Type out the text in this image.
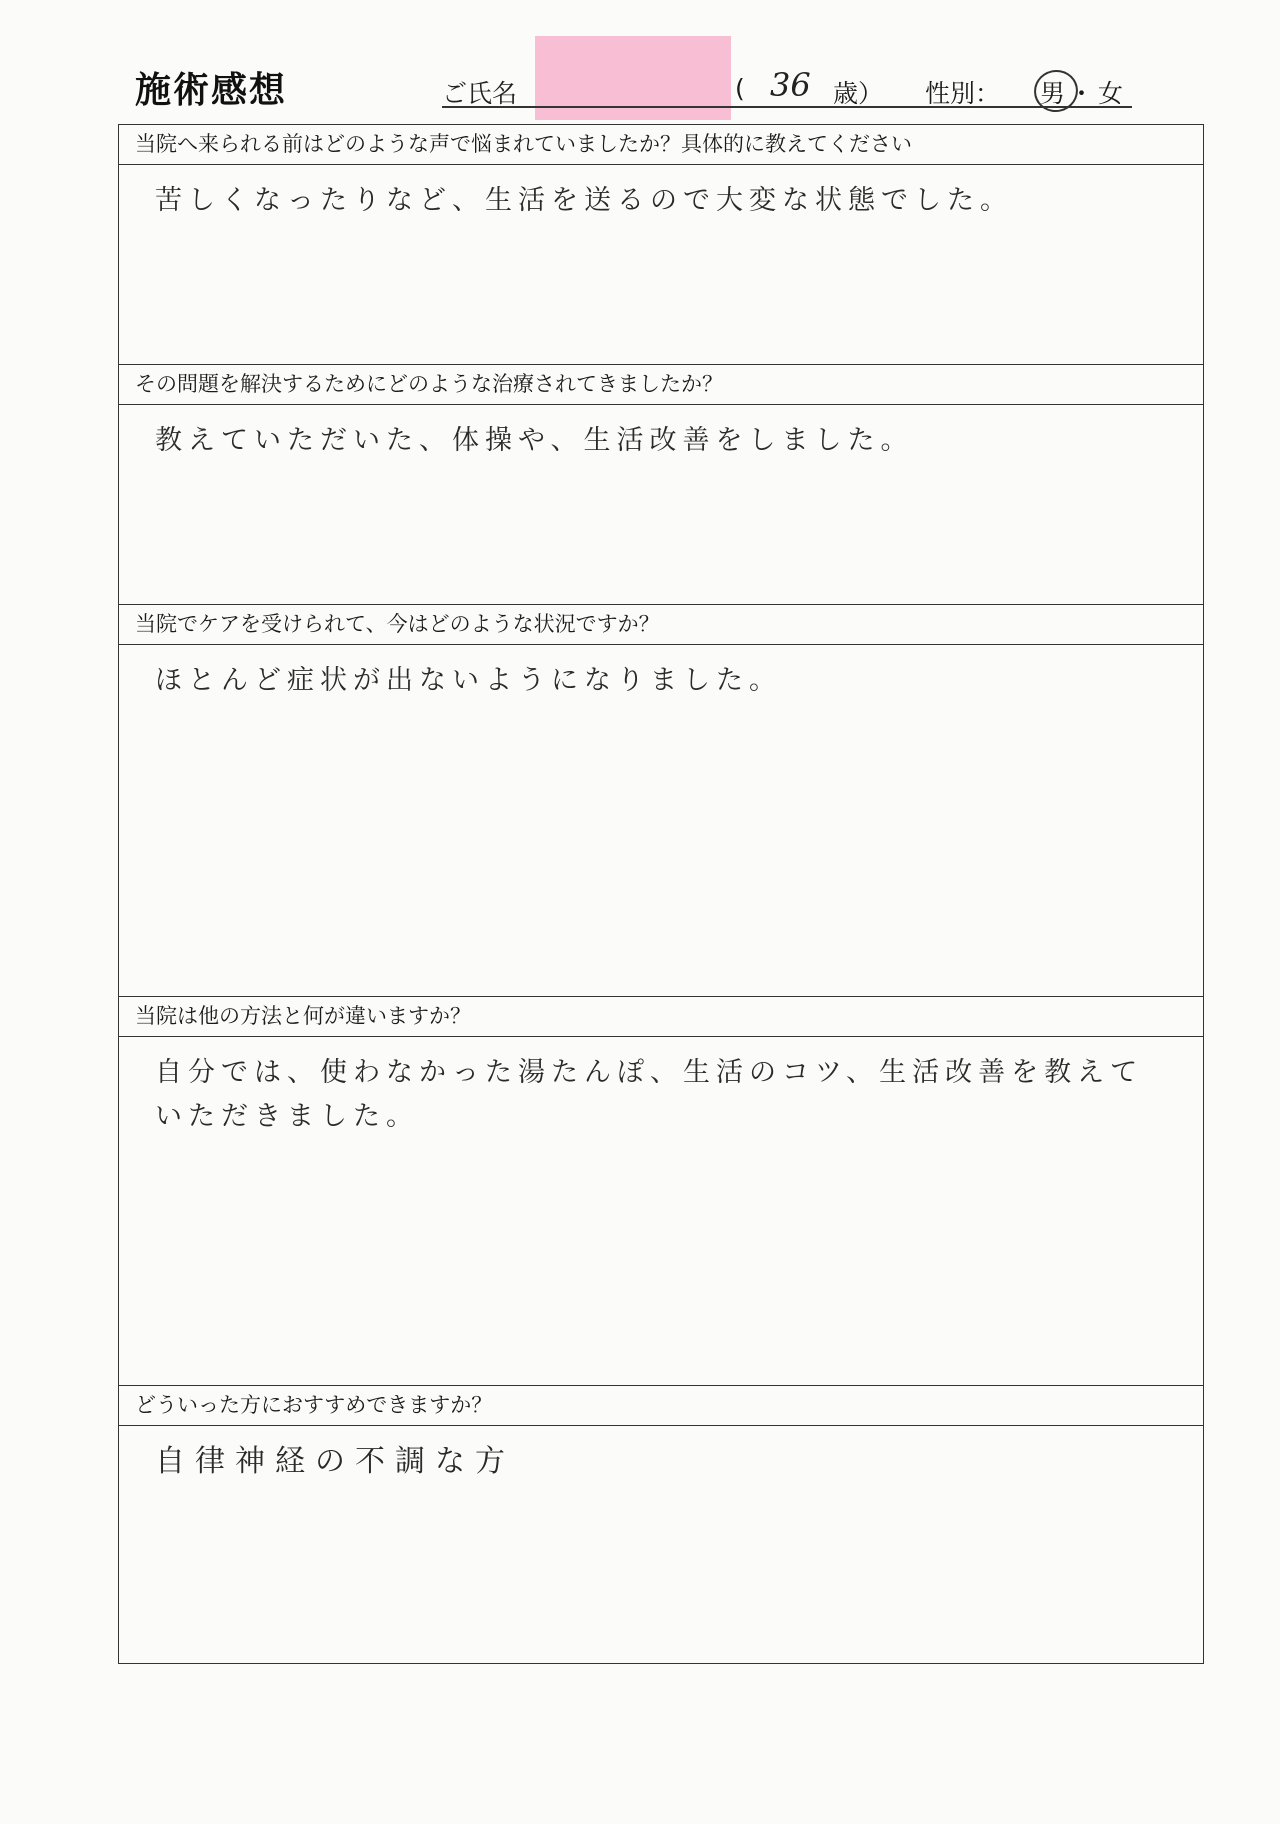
施術感想	ご氏名	( 36 歳） 性別： 男・女
当院へ来られる前はどのような声で悩まれていましたか？具体的に教えてください
苦しくなったりなど、生活を送るので大変な状態でした。
その問題を解決するためにどのような治療されてきましたか？
教えていただいた、体操や、生活改善をしました。
当院でケアを受けられて、今はどのような状況ですか？
ほとんど症状が出ないようになりました。
当院は他の方法と何が違いますか？
自分では、使わなかった湯たんぽ、生活のコツ、生活改善を教えていただきました。
どういった方におすすめできますか？
自律神経の不調な方
